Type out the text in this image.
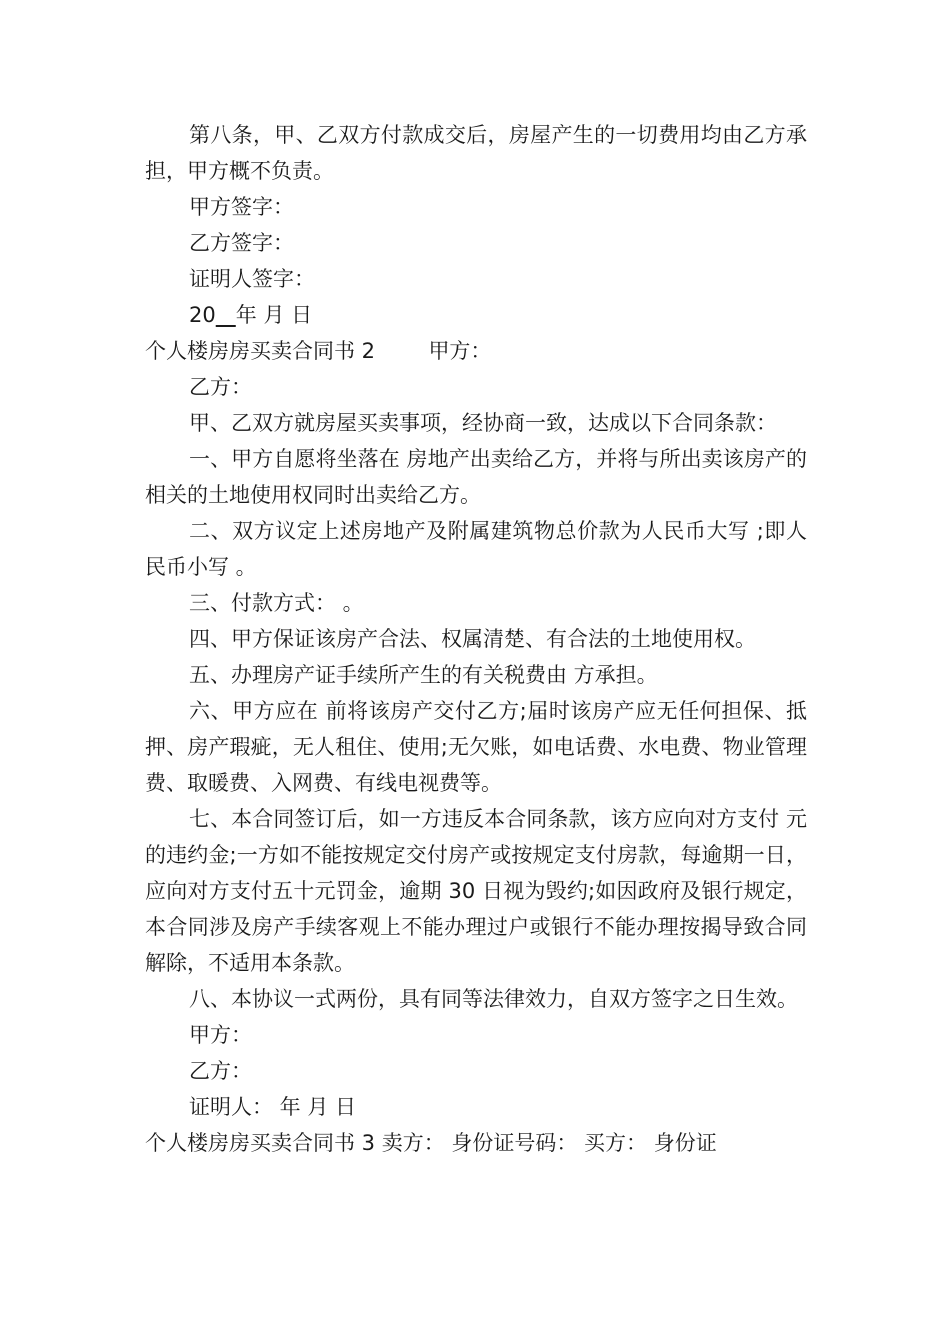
第八条，甲、乙双方付款成交后，房屋产生的一切费用均由乙方承担，甲方概不负责。

甲方签字：

乙方签字：

证明人签字：

20 年 月 日

个人楼房房买卖合同书 2        甲方：

乙方：

甲、乙双方就房屋买卖事项，经协商一致，达成以下合同条款：

一、甲方自愿将坐落在 房地产出卖给乙方，并将与所出卖该房产的相关的土地使用权同时出卖给乙方。

二、双方议定上述房地产及附属建筑物总价款为人民币大写 ;即人民币小写 。

三、付款方式： 。

四、甲方保证该房产合法、权属清楚、有合法的土地使用权。

五、办理房产证手续所产生的有关税费由 方承担。

六、甲方应在 前将该房产交付乙方;届时该房产应无任何担保、抵押、房产瑕疵，无人租住、使用;无欠账，如电话费、水电费、物业管理费、取暖费、入网费、有线电视费等。

七、本合同签订后，如一方违反本合同条款，该方应向对方支付 元的违约金;一方如不能按规定交付房产或按规定支付房款，每逾期一日，应向对方支付五十元罚金，逾期 30 日视为毁约;如因政府及银行规定，本合同涉及房产手续客观上不能办理过户或银行不能办理按揭导致合同解除，不适用本条款。

八、本协议一式两份，具有同等法律效力，自双方签字之日生效。

甲方：

乙方：

证明人： 年 月 日

个人楼房房买卖合同书 3 卖方： 身份证号码： 买方： 身份证
